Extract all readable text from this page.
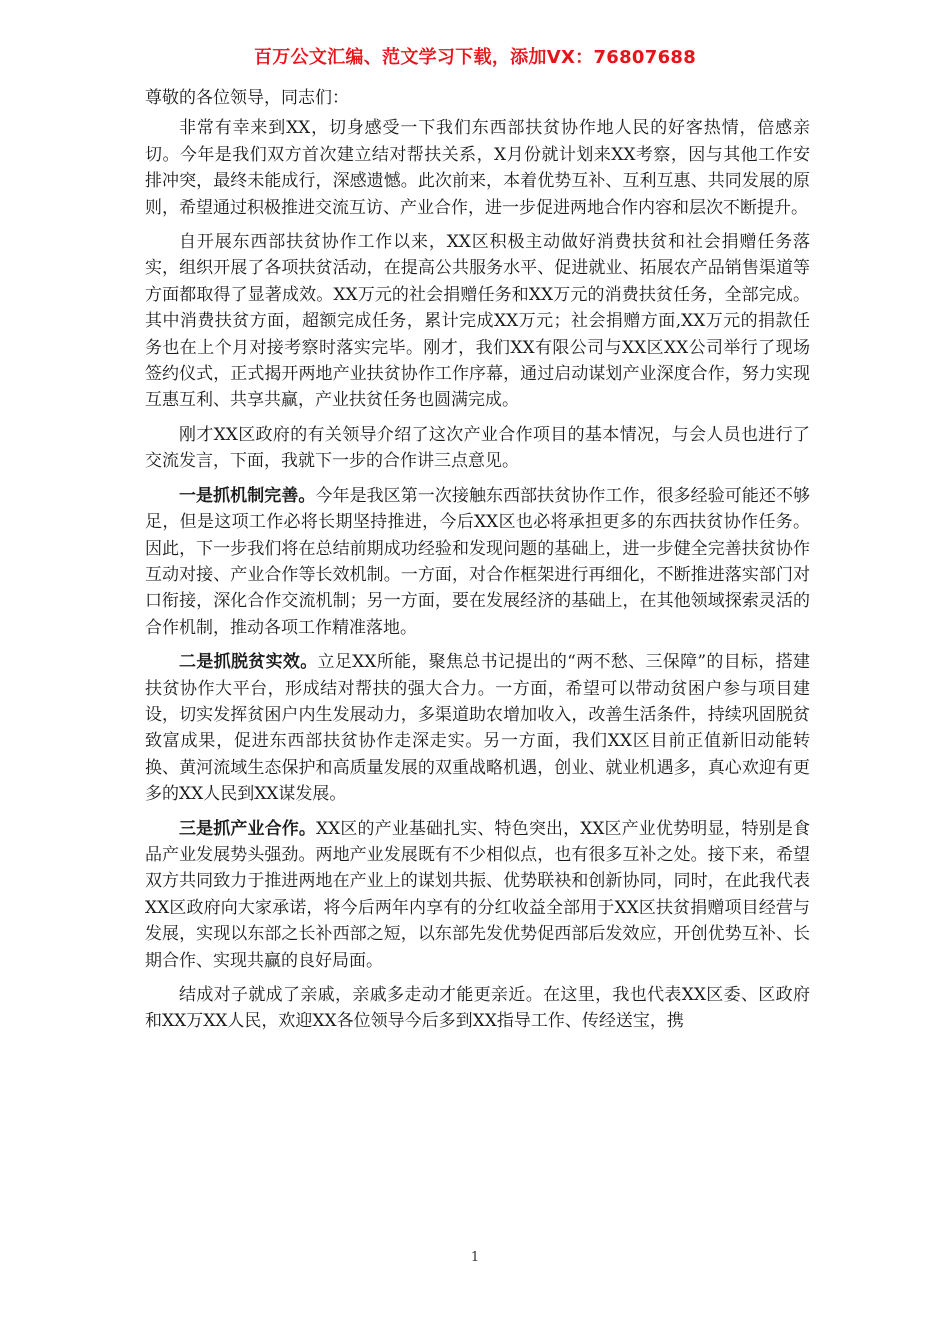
百万公文汇编、范文学习下载，添加VX：76807688

尊敬的各位领导，同志们：

非常有幸来到XX，切身感受一下我们东西部扶贫协作地人民的好客热情，倍感亲切。今年是我们双方首次建立结对帮扶关系，X月份就计划来XX考察，因与其他工作安排冲突，最终未能成行，深感遗憾。此次前来，本着优势互补、互利互惠、共同发展的原则，希望通过积极推进交流互访、产业合作，进一步促进两地合作内容和层次不断提升。

自开展东西部扶贫协作工作以来，XX区积极主动做好消费扶贫和社会捐赠任务落实，组织开展了各项扶贫活动，在提高公共服务水平、促进就业、拓展农产品销售渠道等方面都取得了显著成效。XX万元的社会捐赠任务和XX万元的消费扶贫任务，全部完成。其中消费扶贫方面，超额完成任务，累计完成XX万元；社会捐赠方面,XX万元的捐款任务也在上个月对接考察时落实完毕。刚才，我们XX有限公司与XX区XX公司举行了现场签约仪式，正式揭开两地产业扶贫协作工作序幕，通过启动谋划产业深度合作，努力实现互惠互利、共享共赢，产业扶贫任务也圆满完成。

刚才XX区政府的有关领导介绍了这次产业合作项目的基本情况，与会人员也进行了交流发言，下面，我就下一步的合作讲三点意见。

一是抓机制完善。今年是我区第一次接触东西部扶贫协作工作，很多经验可能还不够足，但是这项工作必将长期坚持推进，今后XX区也必将承担更多的东西扶贫协作任务。因此，下一步我们将在总结前期成功经验和发现问题的基础上，进一步健全完善扶贫协作互动对接、产业合作等长效机制。一方面，对合作框架进行再细化，不断推进落实部门对口衔接，深化合作交流机制；另一方面，要在发展经济的基础上，在其他领域探索灵活的合作机制，推动各项工作精准落地。

二是抓脱贫实效。立足XX所能，聚焦总书记提出的“两不愁、三保障”的目标，搭建扶贫协作大平台，形成结对帮扶的强大合力。一方面，希望可以带动贫困户参与项目建设，切实发挥贫困户内生发展动力，多渠道助农增加收入，改善生活条件，持续巩固脱贫致富成果，促进东西部扶贫协作走深走实。另一方面，我们XX区目前正值新旧动能转换、黄河流域生态保护和高质量发展的双重战略机遇，创业、就业机遇多，真心欢迎有更多的XX人民到XX谋发展。

三是抓产业合作。XX区的产业基础扎实、特色突出，XX区产业优势明显，特别是食品产业发展势头强劲。两地产业发展既有不少相似点，也有很多互补之处。接下来，希望双方共同致力于推进两地在产业上的谋划共振、优势联袂和创新协同，同时，在此我代表XX区政府向大家承诺，将今后两年内享有的分红收益全部用于XX区扶贫捐赠项目经营与发展，实现以东部之长补西部之短，以东部先发优势促西部后发效应，开创优势互补、长期合作、实现共赢的良好局面。

结成对子就成了亲戚，亲戚多走动才能更亲近。在这里，我也代表XX区委、区政府和XX万XX人民，欢迎XX各位领导今后多到XX指导工作、传经送宝，携

1
